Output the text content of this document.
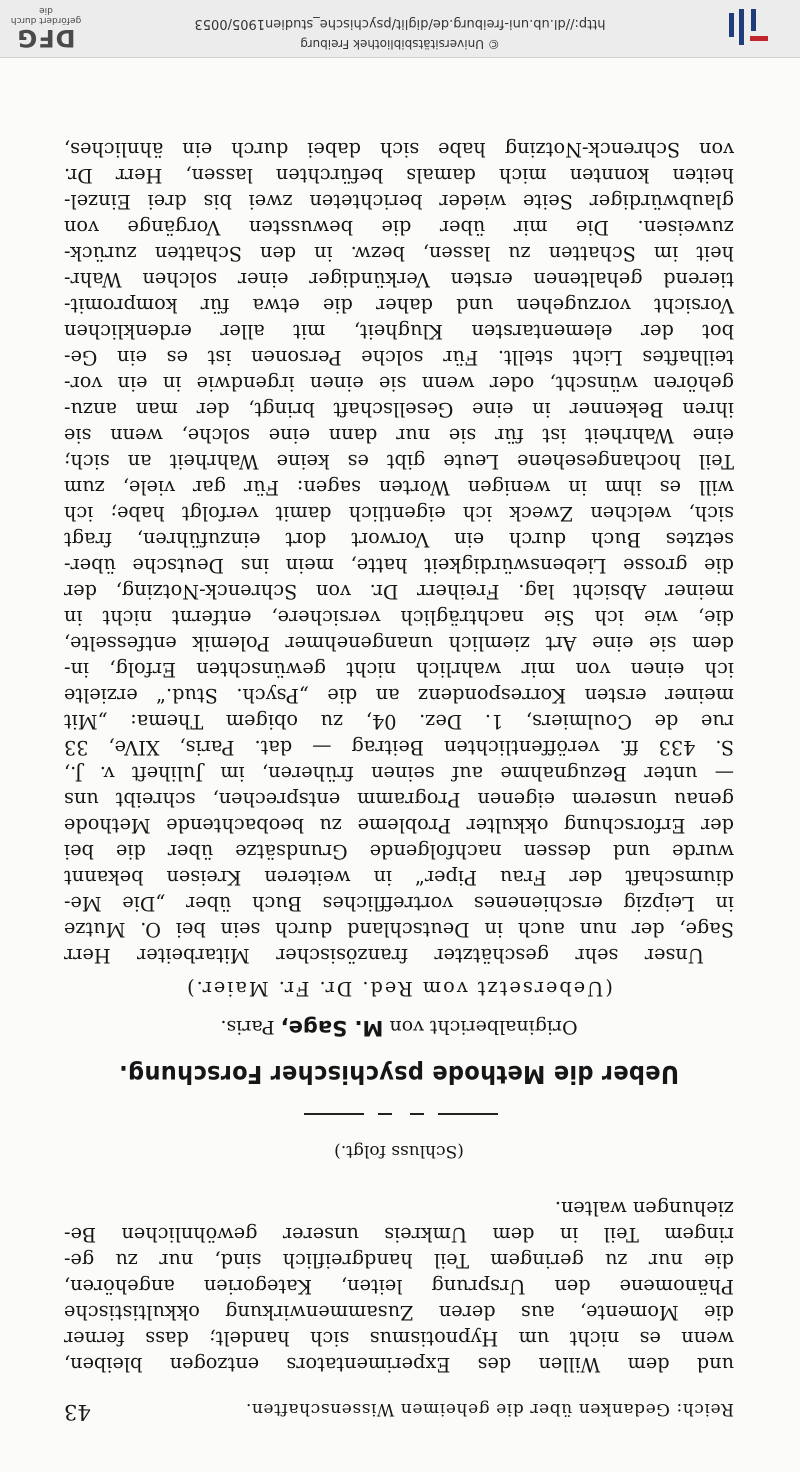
Reich: Gedanken über die geheimen Wissenschaften.
43
und dem Willen des Experimentators entzogen bleiben,
wenn es nicht um Hypnotismus sich handelt; dass ferner
die Momente, aus deren Zusammenwirkung okkultistische
Phänomene den Ursprung leiten, Kategorien angehören,
die nur zu geringem Teil handgreiflich sind, nur zu ge-
ringem Teil in dem Umkreis unserer gewöhnlichen Be-
ziehungen walten.
(Schluss folgt.)
Ueber die Methode psychischer Forschung.
Originalbericht von M. Sage, Paris.
(Uebersetzt vom Red. Dr. Fr. Maier.)
Unser sehr geschätzter französischer Mitarbeiter Herr
Sage, der nun auch in Deutschland durch sein bei O. Mutze
in Leipzig erschienenes vortreffliches Buch über „Die Me-
diumschaft der Frau Piper“ in weiteren Kreisen bekannt
wurde und dessen nachfolgende Grundsätze über die bei
der Erforschung okkulter Probleme zu beobachtende Methode
genau unserem eigenen Programm entsprechen, schreibt uns
— unter Bezugnahme auf seinen früheren, im Juliheft v. J.,
S. 433 ff. veröffentlichten Beitrag — dat. Paris, XIVe, 33
rue de Coulmiers, 1. Dez. 04, zu obigem Thema: „Mit
meiner ersten Korrespondenz an die „Psych. Stud.“ erzielte
ich einen von mir wahrlich nicht gewünschten Erfolg, in-
dem sie eine Art ziemlich unangenehmer Polemik entfesselte,
die, wie ich Sie nachträglich versichere, entfernt nicht in
meiner Absicht lag. Freiherr Dr. von Schrenck-Notzing, der
die grosse Liebenswürdigkeit hatte, mein ins Deutsche über-
setztes Buch durch ein Vorwort dort einzuführen, fragt
sich, welchen Zweck ich eigentlich damit verfolgt habe; ich
will es ihm in wenigen Worten sagen: Für gar viele, zum
Teil hochangesehene Leute gibt es keine Wahrheit an sich;
eine Wahrheit ist für sie nur dann eine solche, wenn sie
ihren Bekenner in eine Gesellschaft bringt, der man anzu-
gehören wünscht, oder wenn sie einen irgendwie in ein vor-
teilhaftes Licht stellt. Für solche Personen ist es ein Ge-
bot der elementarsten Klugheit, mit aller erdenklichen
Vorsicht vorzugehen und daher die etwa für kompromit-
tierend gehaltenen ersten Verkündiger einer solchen Wahr-
heit im Schatten zu lassen, bezw. in den Schatten zurück-
zuweisen. Die mir über die bewussten Vorgänge von
glaubwürdiger Seite wieder berichteten zwei bis drei Einzel-
heiten konnten mich damals befürchten lassen, Herr Dr.
von Schrenck-Notzing habe sich dabei durch ein ähnliches,
http://dl.ub.uni-freiburg.de/diglit/psychische_studien1905/0053
© Universitätsbibliothek Freiburg
DFG
gefördert durch die
